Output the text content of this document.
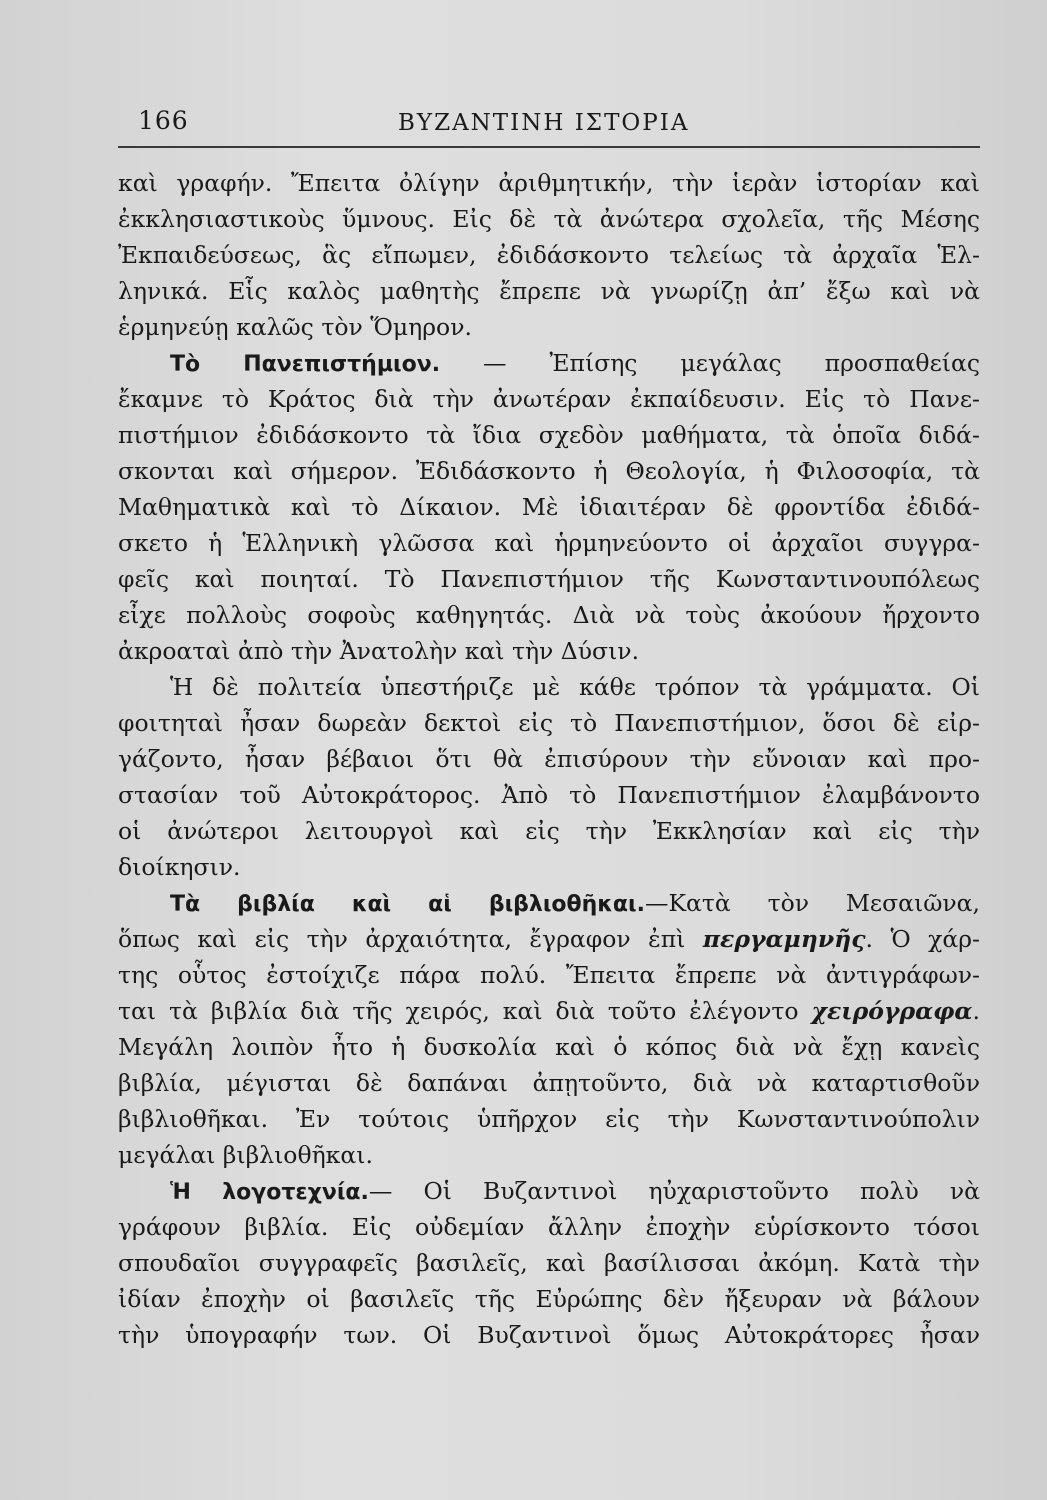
166	ΒΥΖΑΝΤΙΝΗ ΙΣΤΟΡΙΑ
καὶ γραφήν. Ἔπειτα ὀλίγην ἀριθμητικήν, τὴν ἱερὰν ἱστορίαν καὶ
ἐκκλησιαστικοὺς ὕμνους. Εἰς δὲ τὰ ἀνώτερα σχολεῖα, τῆς Μέσης
Ἐκπαιδεύσεως, ἃς εἴπωμεν, ἐδιδάσκοντο τελείως τὰ ἀρχαῖα Ἑλ-
ληνικά. Εἷς καλὸς μαθητὴς ἔπρεπε νὰ γνωρίζῃ ἀπ’ ἔξω καὶ νὰ
ἑρμηνεύῃ καλῶς τὸν Ὅμηρον.
Τὸ Πανεπιστήμιον. — Ἐπίσης μεγάλας προσπαθείας
ἔκαμνε τὸ Κράτος διὰ τὴν ἀνωτέραν ἐκπαίδευσιν. Εἰς τὸ Πανε-
πιστήμιον ἐδιδάσκοντο τὰ ἴδια σχεδὸν μαθήματα, τὰ ὁποῖα διδά-
σκονται καὶ σήμερον. Ἐδιδάσκοντο ἡ Θεολογία, ἡ Φιλοσοφία, τὰ
Μαθηματικὰ καὶ τὸ Δίκαιον. Μὲ ἰδιαιτέραν δὲ φροντίδα ἐδιδά-
σκετο ἡ Ἑλληνικὴ γλῶσσα καὶ ἡρμηνεύοντο οἱ ἀρχαῖοι συγγρα-
φεῖς καὶ ποιηταί. Τὸ Πανεπιστήμιον τῆς Κωνσταντινουπόλεως
εἶχε πολλοὺς σοφοὺς καθηγητάς. Διὰ νὰ τοὺς ἀκούουν ἤρχοντο
ἀκροαταὶ ἀπὸ τὴν Ἀνατολὴν καὶ τὴν Δύσιν.
Ἡ δὲ πολιτεία ὑπεστήριζε μὲ κάθε τρόπον τὰ γράμματα. Οἱ
φοιτηταὶ ἦσαν δωρεὰν δεκτοὶ εἰς τὸ Πανεπιστήμιον, ὅσοι δὲ εἰρ-
γάζοντο, ἦσαν βέβαιοι ὅτι θὰ ἐπισύρουν τὴν εὔνοιαν καὶ προ-
στασίαν τοῦ Αὐτοκράτορος. Ἀπὸ τὸ Πανεπιστήμιον ἐλαμβάνοντο
οἱ ἀνώτεροι λειτουργοὶ καὶ εἰς τὴν Ἐκκλησίαν καὶ εἰς τὴν
διοίκησιν.
Τὰ βιβλία καὶ αἱ βιβλιοθῆκαι.—Κατὰ τὸν Μεσαιῶνα,
ὅπως καὶ εἰς τὴν ἀρχαιότητα, ἔγραφον ἐπὶ περγαμηνῆς. Ὁ χάρ-
της οὗτος ἐστοίχιζε πάρα πολύ. Ἔπειτα ἔπρεπε νὰ ἀντιγράφων-
ται τὰ βιβλία διὰ τῆς χειρός, καὶ διὰ τοῦτο ἐλέγοντο χειρόγραφα.
Μεγάλη λοιπὸν ἦτο ἡ δυσκολία καὶ ὁ κόπος διὰ νὰ ἔχῃ κανεὶς
βιβλία, μέγισται δὲ δαπάναι ἀπῃτοῦντο, διὰ νὰ καταρτισθοῦν
βιβλιοθῆκαι. Ἐν τούτοις ὑπῆρχον εἰς τὴν Κωνσταντινούπολιν
μεγάλαι βιβλιοθῆκαι.
Ἡ λογοτεχνία.— Οἱ Βυζαντινοὶ ηὐχαριστοῦντο πολὺ νὰ
γράφουν βιβλία. Εἰς οὐδεμίαν ἄλλην ἐποχὴν εὑρίσκοντο τόσοι
σπουδαῖοι συγγραφεῖς βασιλεῖς, καὶ βασίλισσαι ἀκόμη. Κατὰ τὴν
ἰδίαν ἐποχὴν οἱ βασιλεῖς τῆς Εὐρώπης δὲν ἤξευραν νὰ βάλουν
τὴν ὑπογραφήν των. Οἱ Βυζαντινοὶ ὅμως Αὐτοκράτορες ἦσαν
